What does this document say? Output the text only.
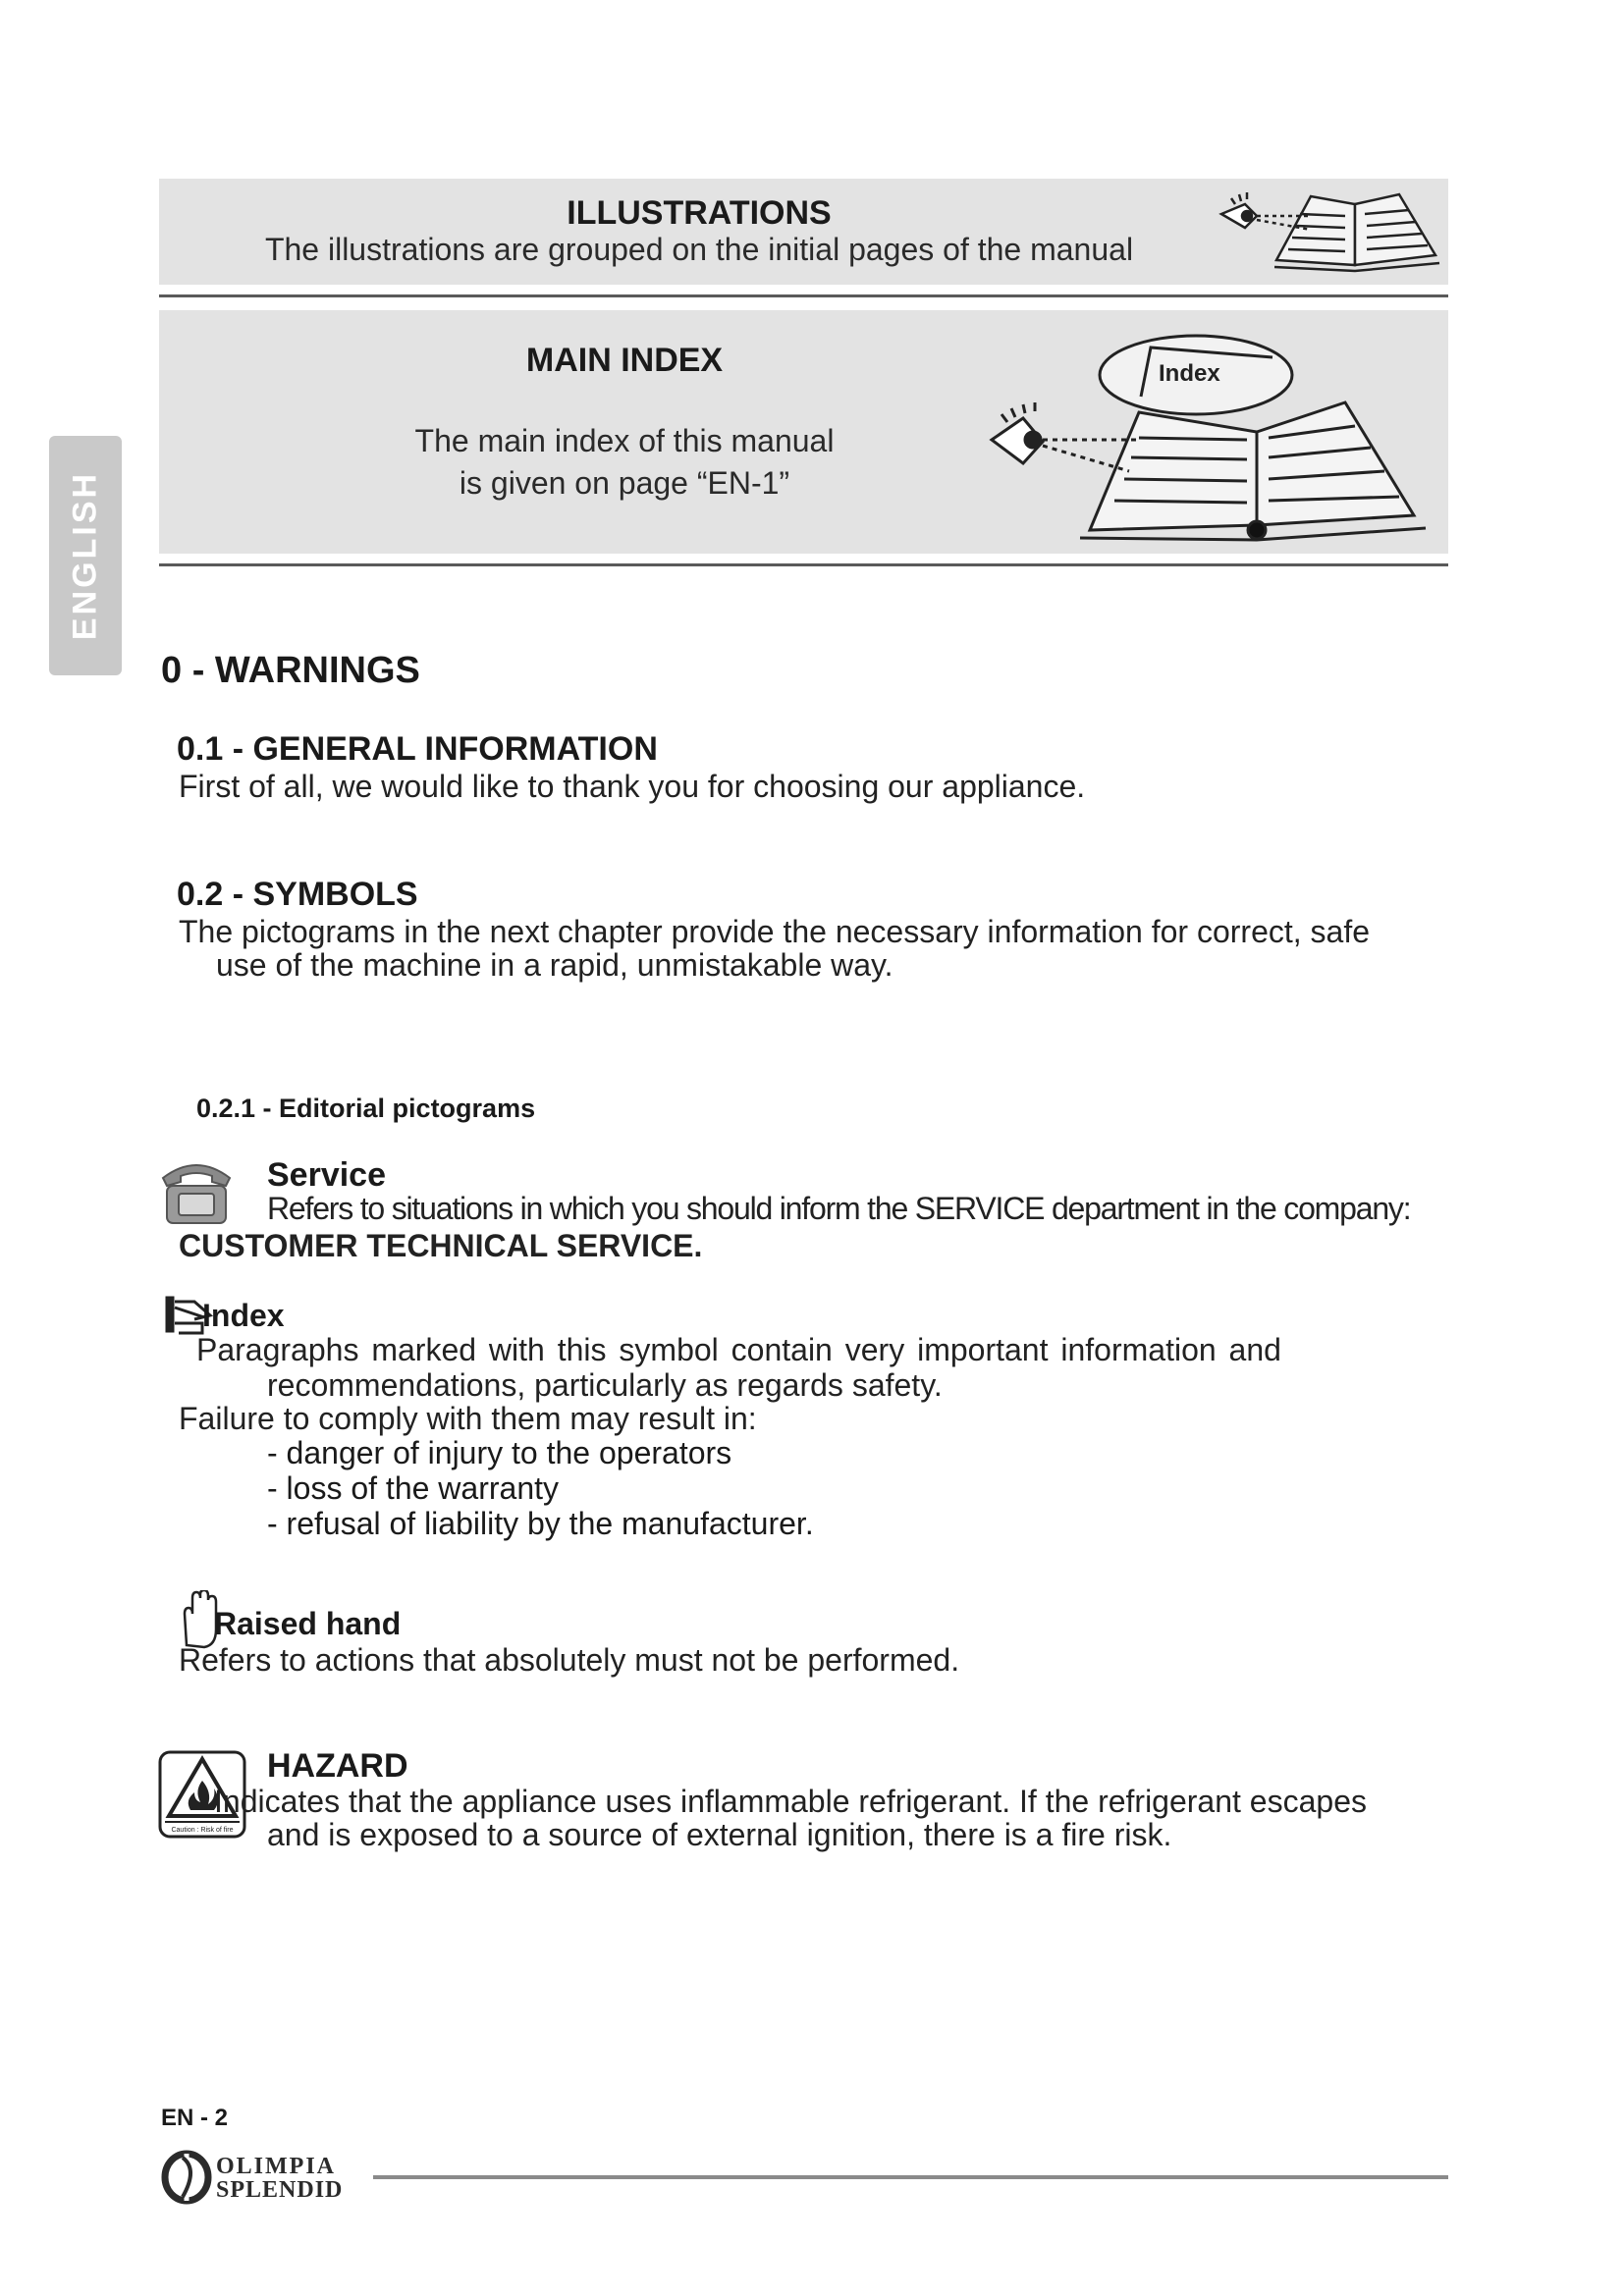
ENGLISH
ILLUSTRATIONS
The illustrations are grouped on the initial pages of the manual
MAIN INDEX
The main index of this manual
is given on page “EN-1”
Index
0 - WARNINGS
0.1 - GENERAL INFORMATION
First of all, we would like to thank you for choosing our appliance.
0.2 - SYMBOLS
The pictograms in the next chapter provide the necessary information for correct, safe
use of the machine in a rapid, unmistakable way.
0.2.1 - Editorial pictograms
Service
Refers to situations in which you should inform the SERVICE department in the company:
CUSTOMER TECHNICAL SERVICE.
Index
Paragraphs marked with this symbol contain very important information and
recommendations, particularly as regards safety.
Failure to comply with them may result in:
- danger of injury to the operators
- loss of the warranty
- refusal of liability by the manufacturer.
Raised hand
Refers to actions that absolutely must not be performed.
Caution : Risk of fire
HAZARD
Indicates that the appliance uses inflammable refrigerant. If the refrigerant escapes
and is exposed to a source of external ignition, there is a fire risk.
EN - 2
OLIMPIA
SPLENDID
